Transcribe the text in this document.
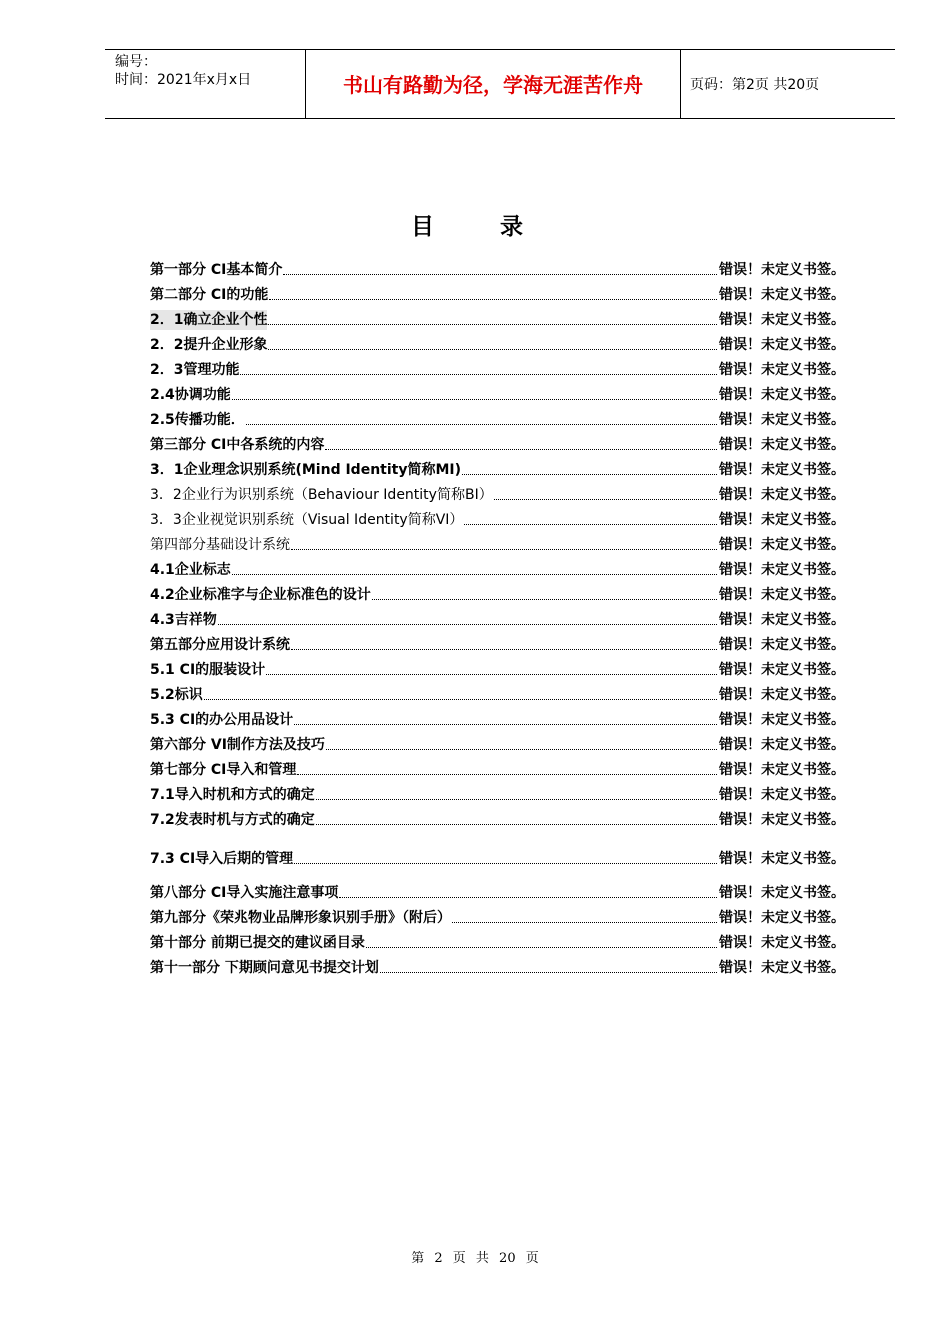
编号：
时间：2021年x月x日	书山有路勤为径，学海无涯苦作舟	页码：第2页 共20页
目录
第一部分 CI基本简介	错误！未定义书签。
第二部分 CI的功能	错误！未定义书签。
2．1确立企业个性	错误！未定义书签。
2．2提升企业形象	错误！未定义书签。
2．3管理功能	错误！未定义书签。
2.4协调功能	错误！未定义书签。
2.5传播功能．	错误！未定义书签。
第三部分 CI中各系统的内容	错误！未定义书签。
3．1企业理念识别系统(Mind Identity简称MI)	错误！未定义书签。
3．2企业行为识别系统（Behaviour Identity简称BI）	错误！未定义书签。
3．3企业视觉识别系统（Visual Identity简称VI）	错误！未定义书签。
第四部分基础设计系统	错误！未定义书签。
4.1企业标志	错误！未定义书签。
4.2企业标准字与企业标准色的设计	错误！未定义书签。
4.3吉祥物	错误！未定义书签。
第五部分应用设计系统	错误！未定义书签。
5.1 CI的服装设计	错误！未定义书签。
5.2标识	错误！未定义书签。
5.3 CI的办公用品设计	错误！未定义书签。
第六部分 VI制作方法及技巧	错误！未定义书签。
第七部分 CI导入和管理	错误！未定义书签。
7.1导入时机和方式的确定	错误！未定义书签。
7.2发表时机与方式的确定	错误！未定义书签。
7.3 CI导入后期的管理	错误！未定义书签。
第八部分 CI导入实施注意事项	错误！未定义书签。
第九部分《荣兆物业品牌形象识别手册》（附后）	错误！未定义书签。
第十部分 前期已提交的建议函目录	错误！未定义书签。
第十一部分 下期顾问意见书提交计划	错误！未定义书签。
第 2 页 共 20 页
